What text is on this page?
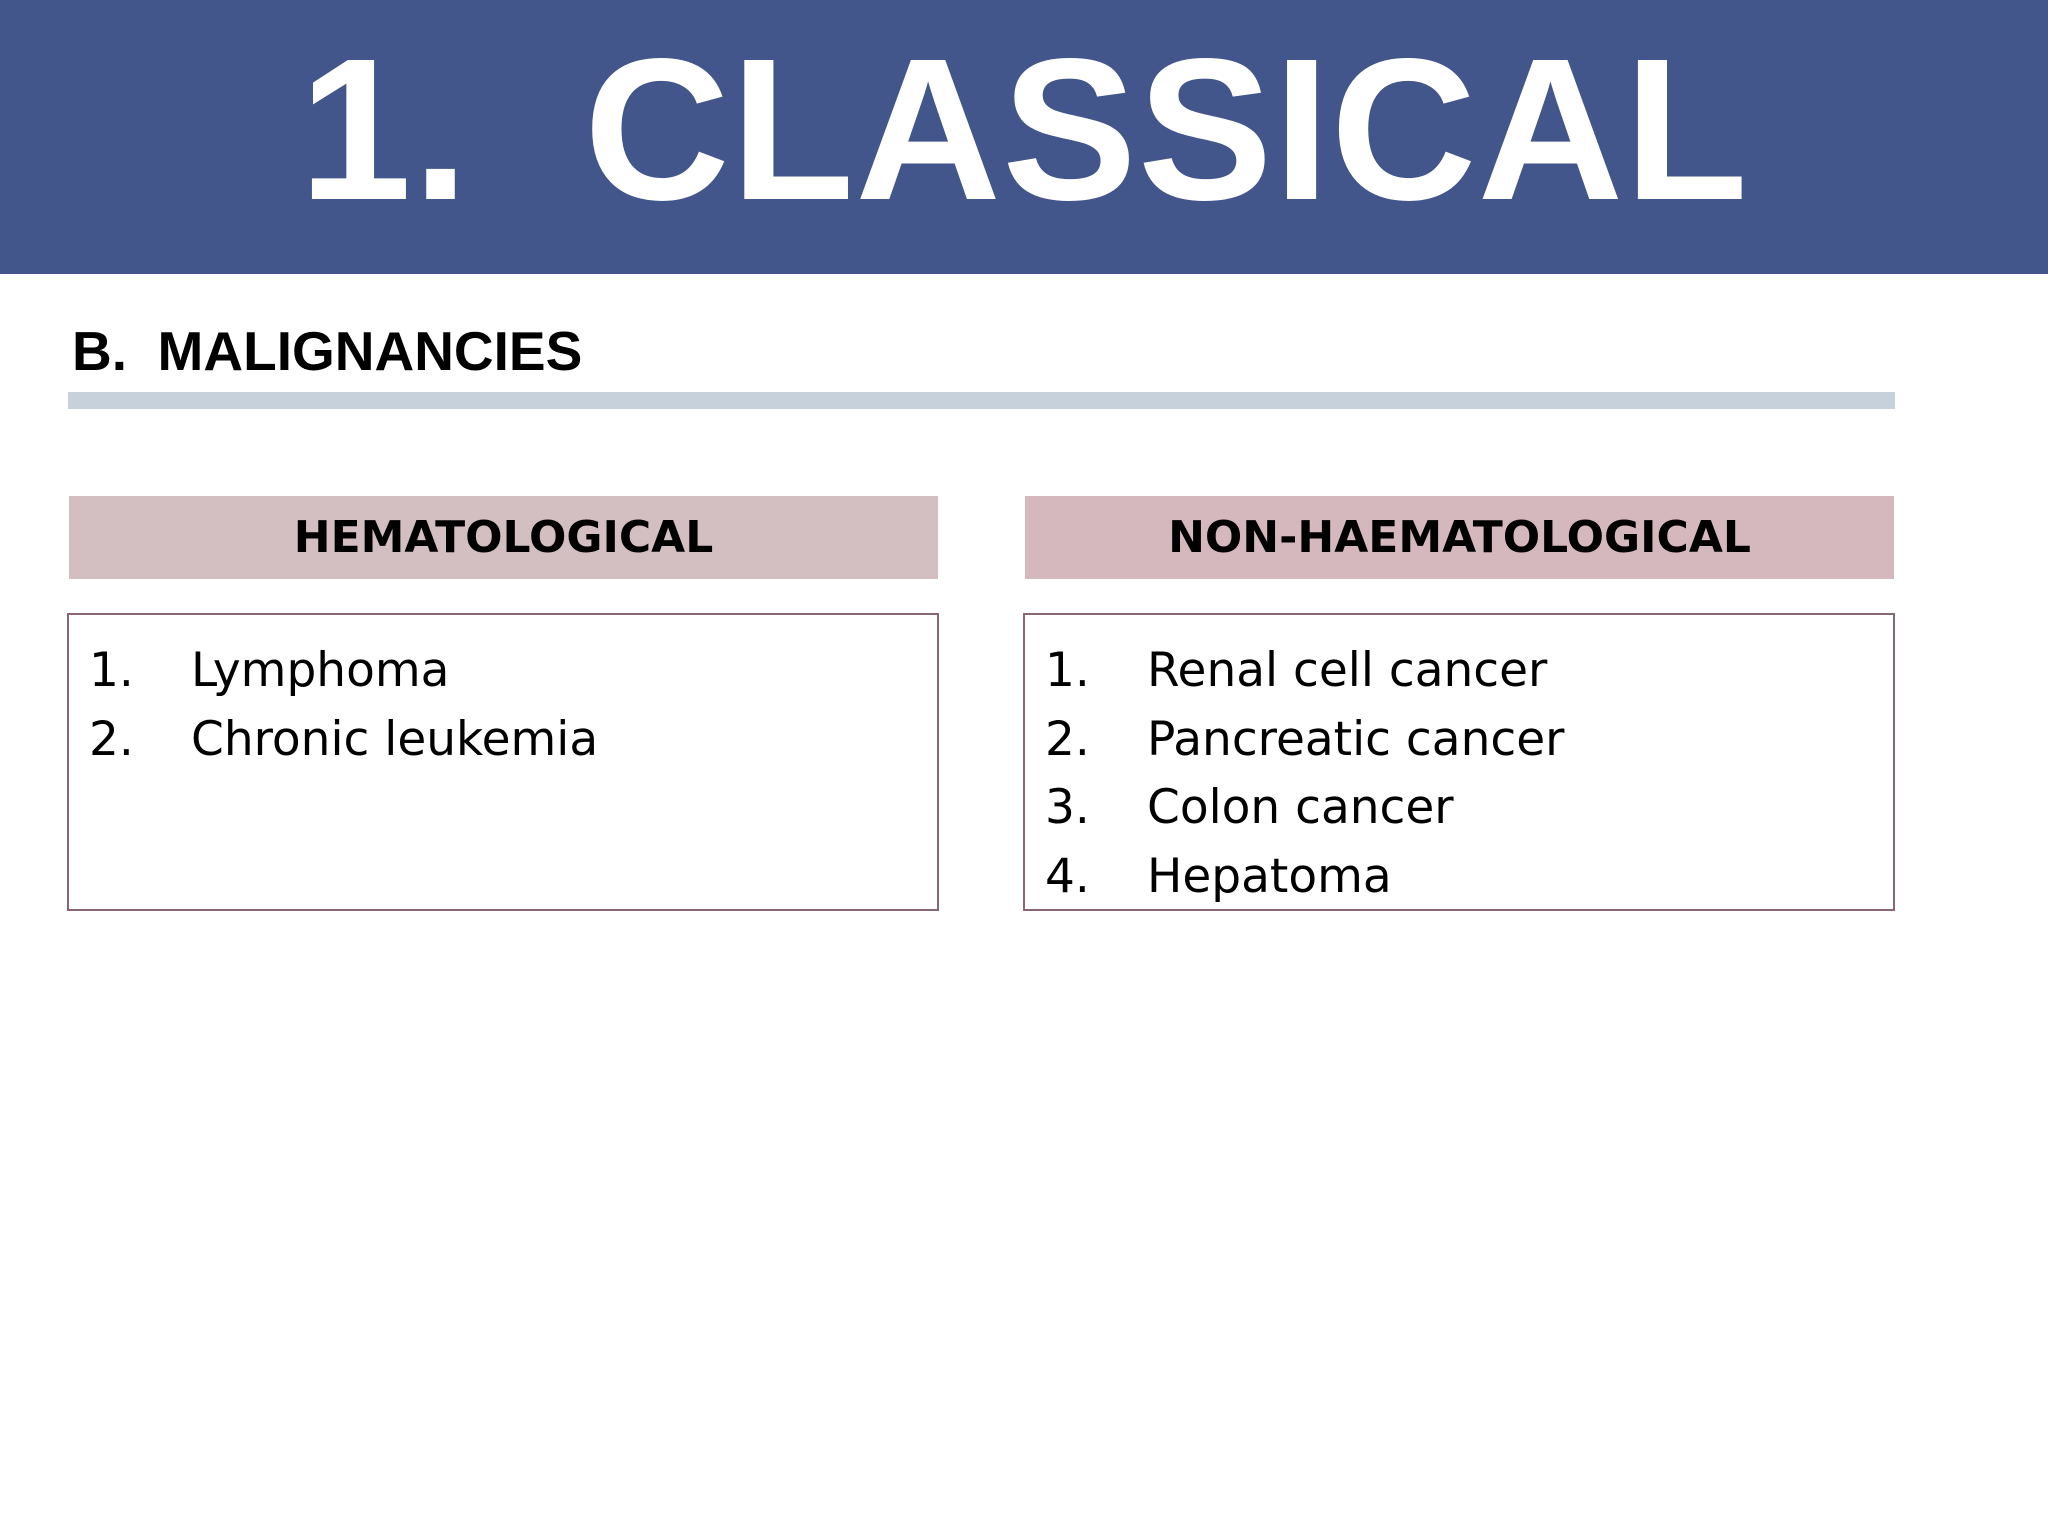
1.  CLASSICAL
B.  MALIGNANCIES
HEMATOLOGICAL	NON-HAEMATOLOGICAL
1.	Lymphoma
2.	Chronic leukemia
1.	Renal cell cancer
2.	Pancreatic cancer
3.	Colon cancer
4.	Hepatoma
